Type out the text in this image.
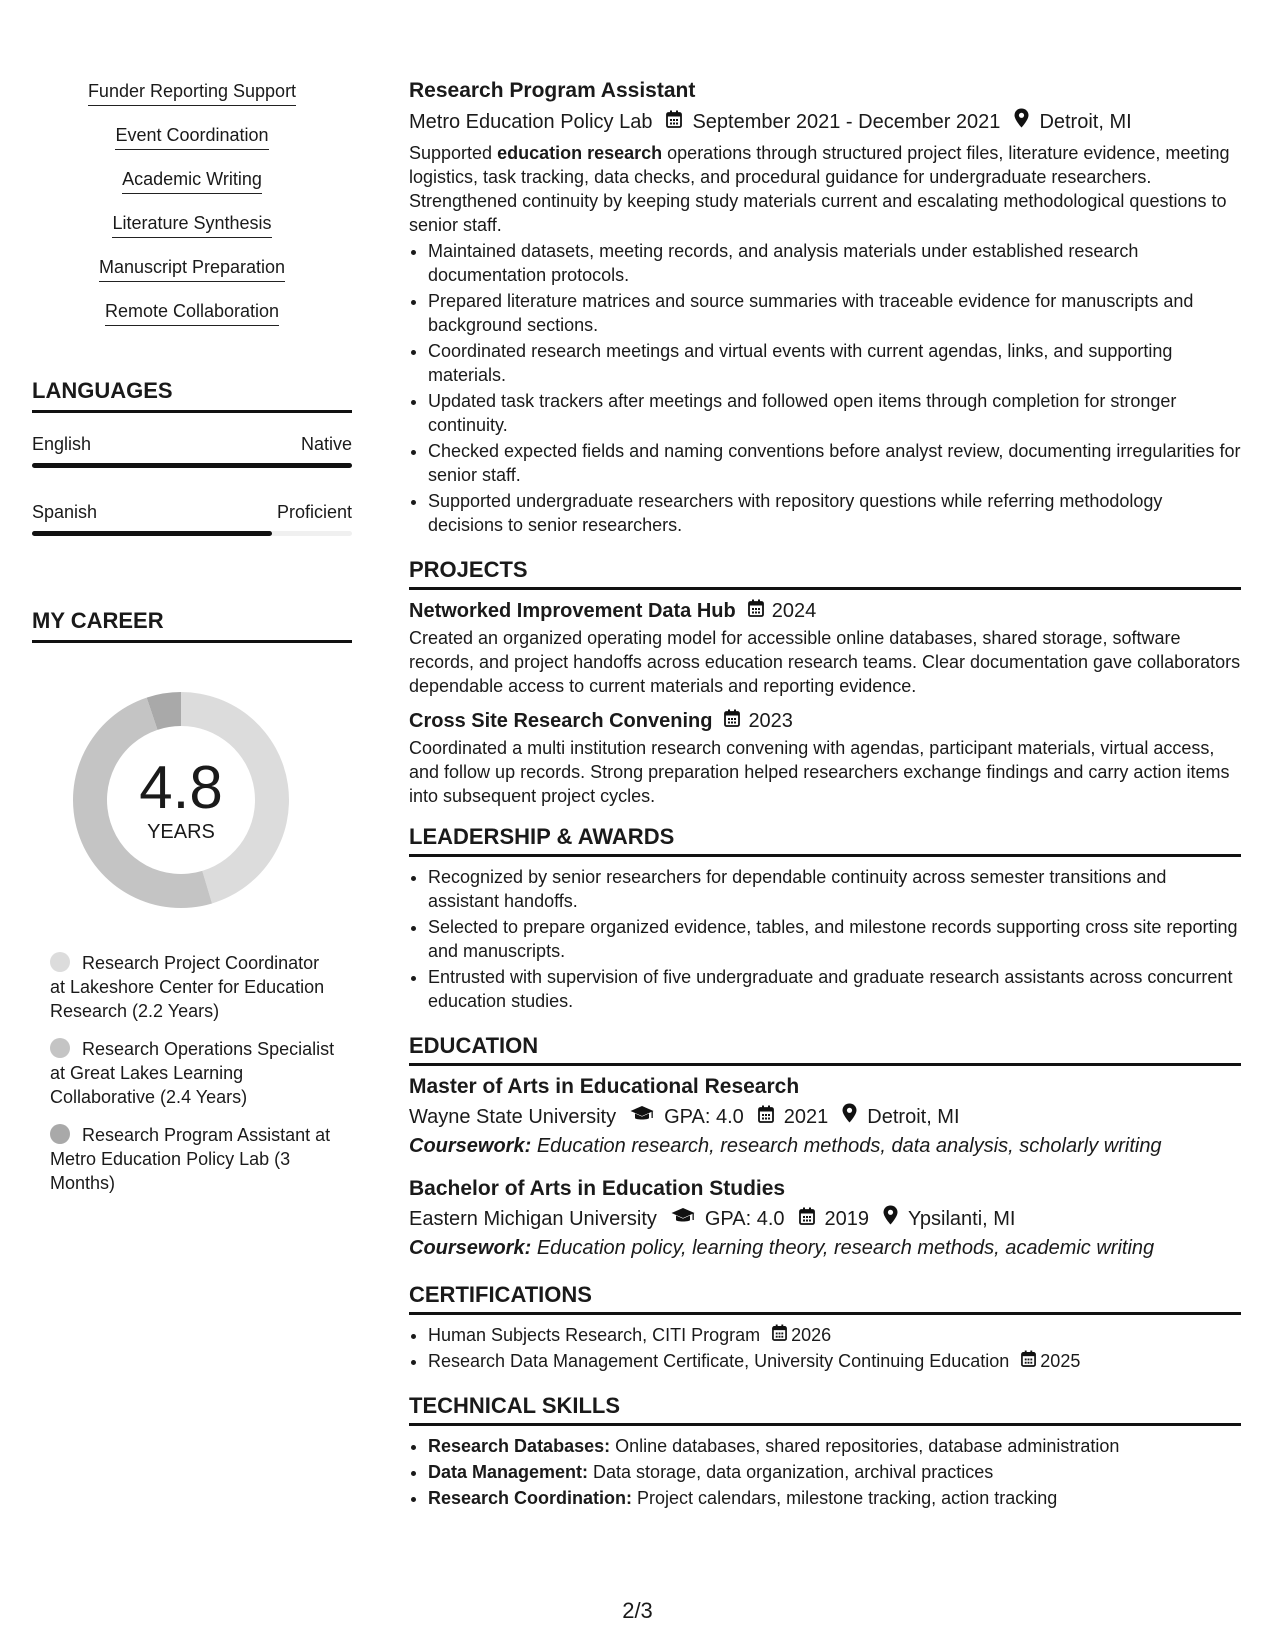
Funder Reporting Support
Event Coordination
Academic Writing
Literature Synthesis
Manuscript Preparation
Remote Collaboration
LANGUAGES
English	Native
Spanish	Proficient
MY CAREER
4.8
YEARS
Research Project Coordinator at Lakeshore Center for Education Research (2.2 Years)
Research Operations Specialist at Great Lakes Learning Collaborative (2.4 Years)
Research Program Assistant at Metro Education Policy Lab (3 Months)
Research Program Assistant
Metro Education Policy Lab September 2021 - December 2021 Detroit, MI

Supported education research operations through structured project files, literature evidence, meeting logistics, task tracking, data checks, and procedural guidance for undergraduate researchers. Strengthened continuity by keeping study materials current and escalating methodological questions to senior staff.

• Maintained datasets, meeting records, and analysis materials under established research documentation protocols.
• Prepared literature matrices and source summaries with traceable evidence for manuscripts and background sections.
• Coordinated research meetings and virtual events with current agendas, links, and supporting materials.
• Updated task trackers after meetings and followed open items through completion for stronger continuity.
• Checked expected fields and naming conventions before analyst review, documenting irregularities for senior staff.
• Supported undergraduate researchers with repository questions while referring methodology decisions to senior researchers.
PROJECTS
Networked Improvement Data Hub 2024

Created an organized operating model for accessible online databases, shared storage, software records, and project handoffs across education research teams. Clear documentation gave collaborators dependable access to current materials and reporting evidence.

Cross Site Research Convening 2023

Coordinated a multi institution research convening with agendas, participant materials, virtual access, and follow up records. Strong preparation helped researchers exchange findings and carry action items into subsequent project cycles.

LEADERSHIP & AWARDS
• Recognized by senior researchers for dependable continuity across semester transitions and assistant handoffs.
• Selected to prepare organized evidence, tables, and milestone records supporting cross site reporting and manuscripts.
• Entrusted with supervision of five undergraduate and graduate research assistants across concurrent education studies.
EDUCATION
Master of Arts in Educational Research
Wayne State University GPA: 4.0 2021 Detroit, MI
Coursework: Education research, research methods, data analysis, scholarly writing
Bachelor of Arts in Education Studies
Eastern Michigan University GPA: 4.0 2019 Ypsilanti, MI
Coursework: Education policy, learning theory, research methods, academic writing
CERTIFICATIONS
• Human Subjects Research, CITI Program 2026
• Research Data Management Certificate, University Continuing Education 2025
TECHNICAL SKILLS
• Research Databases: Online databases, shared repositories, database administration
• Data Management: Data storage, data organization, archival practices
• Research Coordination: Project calendars, milestone tracking, action tracking
2/3
